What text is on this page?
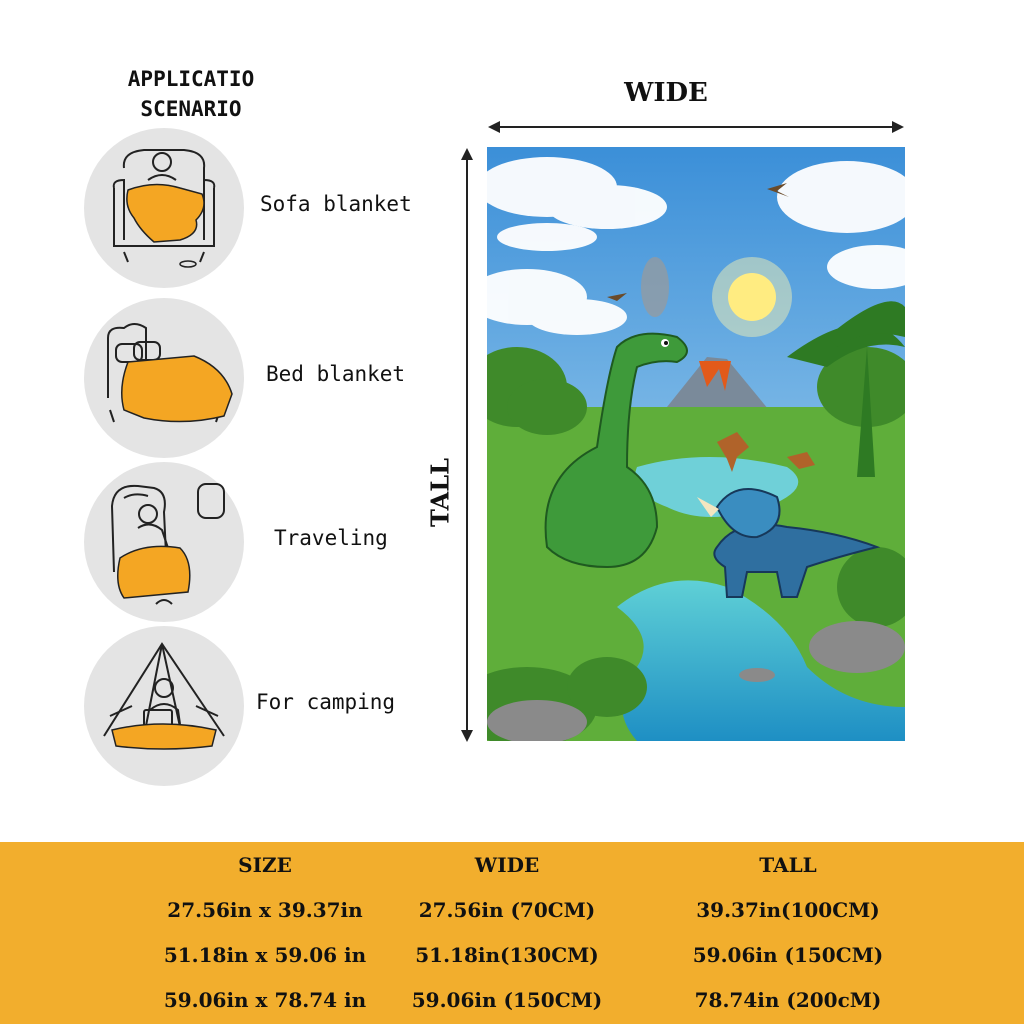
APPLICATIO
SCENARIO
Sofa blanket
Bed blanket
Traveling
For camping
WIDE
TALL
SIZE
27.56in x 39.37in
51.18in x 59.06 in
59.06in x 78.74 in
WIDE
27.56in (70CM)
51.18in(130CM)
59.06in (150CM)
TALL
39.37in(100CM)
59.06in (150CM)
78.74in (200cM)
